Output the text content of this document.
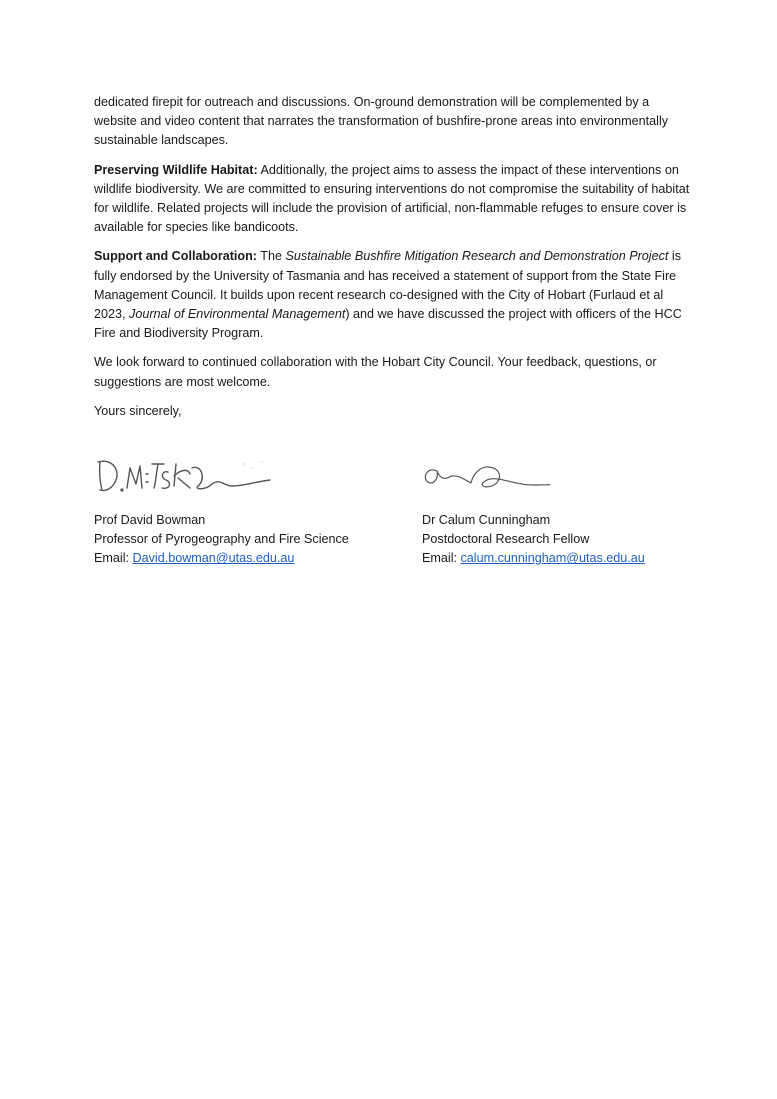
dedicated firepit for outreach and discussions. On-ground demonstration will be complemented by a website and video content that narrates the transformation of bushfire-prone areas into environmentally sustainable landscapes.

Preserving Wildlife Habitat: Additionally, the project aims to assess the impact of these interventions on wildlife biodiversity. We are committed to ensuring interventions do not compromise the suitability of habitat for wildlife. Related projects will include the provision of artificial, non-flammable refuges to ensure cover is available for species like bandicoots.

Support and Collaboration: The Sustainable Bushfire Mitigation Research and Demonstration Project is fully endorsed by the University of Tasmania and has received a statement of support from the State Fire Management Council. It builds upon recent research co-designed with the City of Hobart (Furlaud et al 2023, Journal of Environmental Management) and we have discussed the project with officers of the HCC Fire and Biodiversity Program.

We look forward to continued collaboration with the Hobart City Council. Your feedback, questions, or suggestions are most welcome.

Yours sincerely,

Prof David Bowman
Professor of Pyrogeography and Fire Science
Email: David.bowman@utas.edu.au
Dr Calum Cunningham
Postdoctoral Research Fellow
Email: calum.cunningham@utas.edu.au
